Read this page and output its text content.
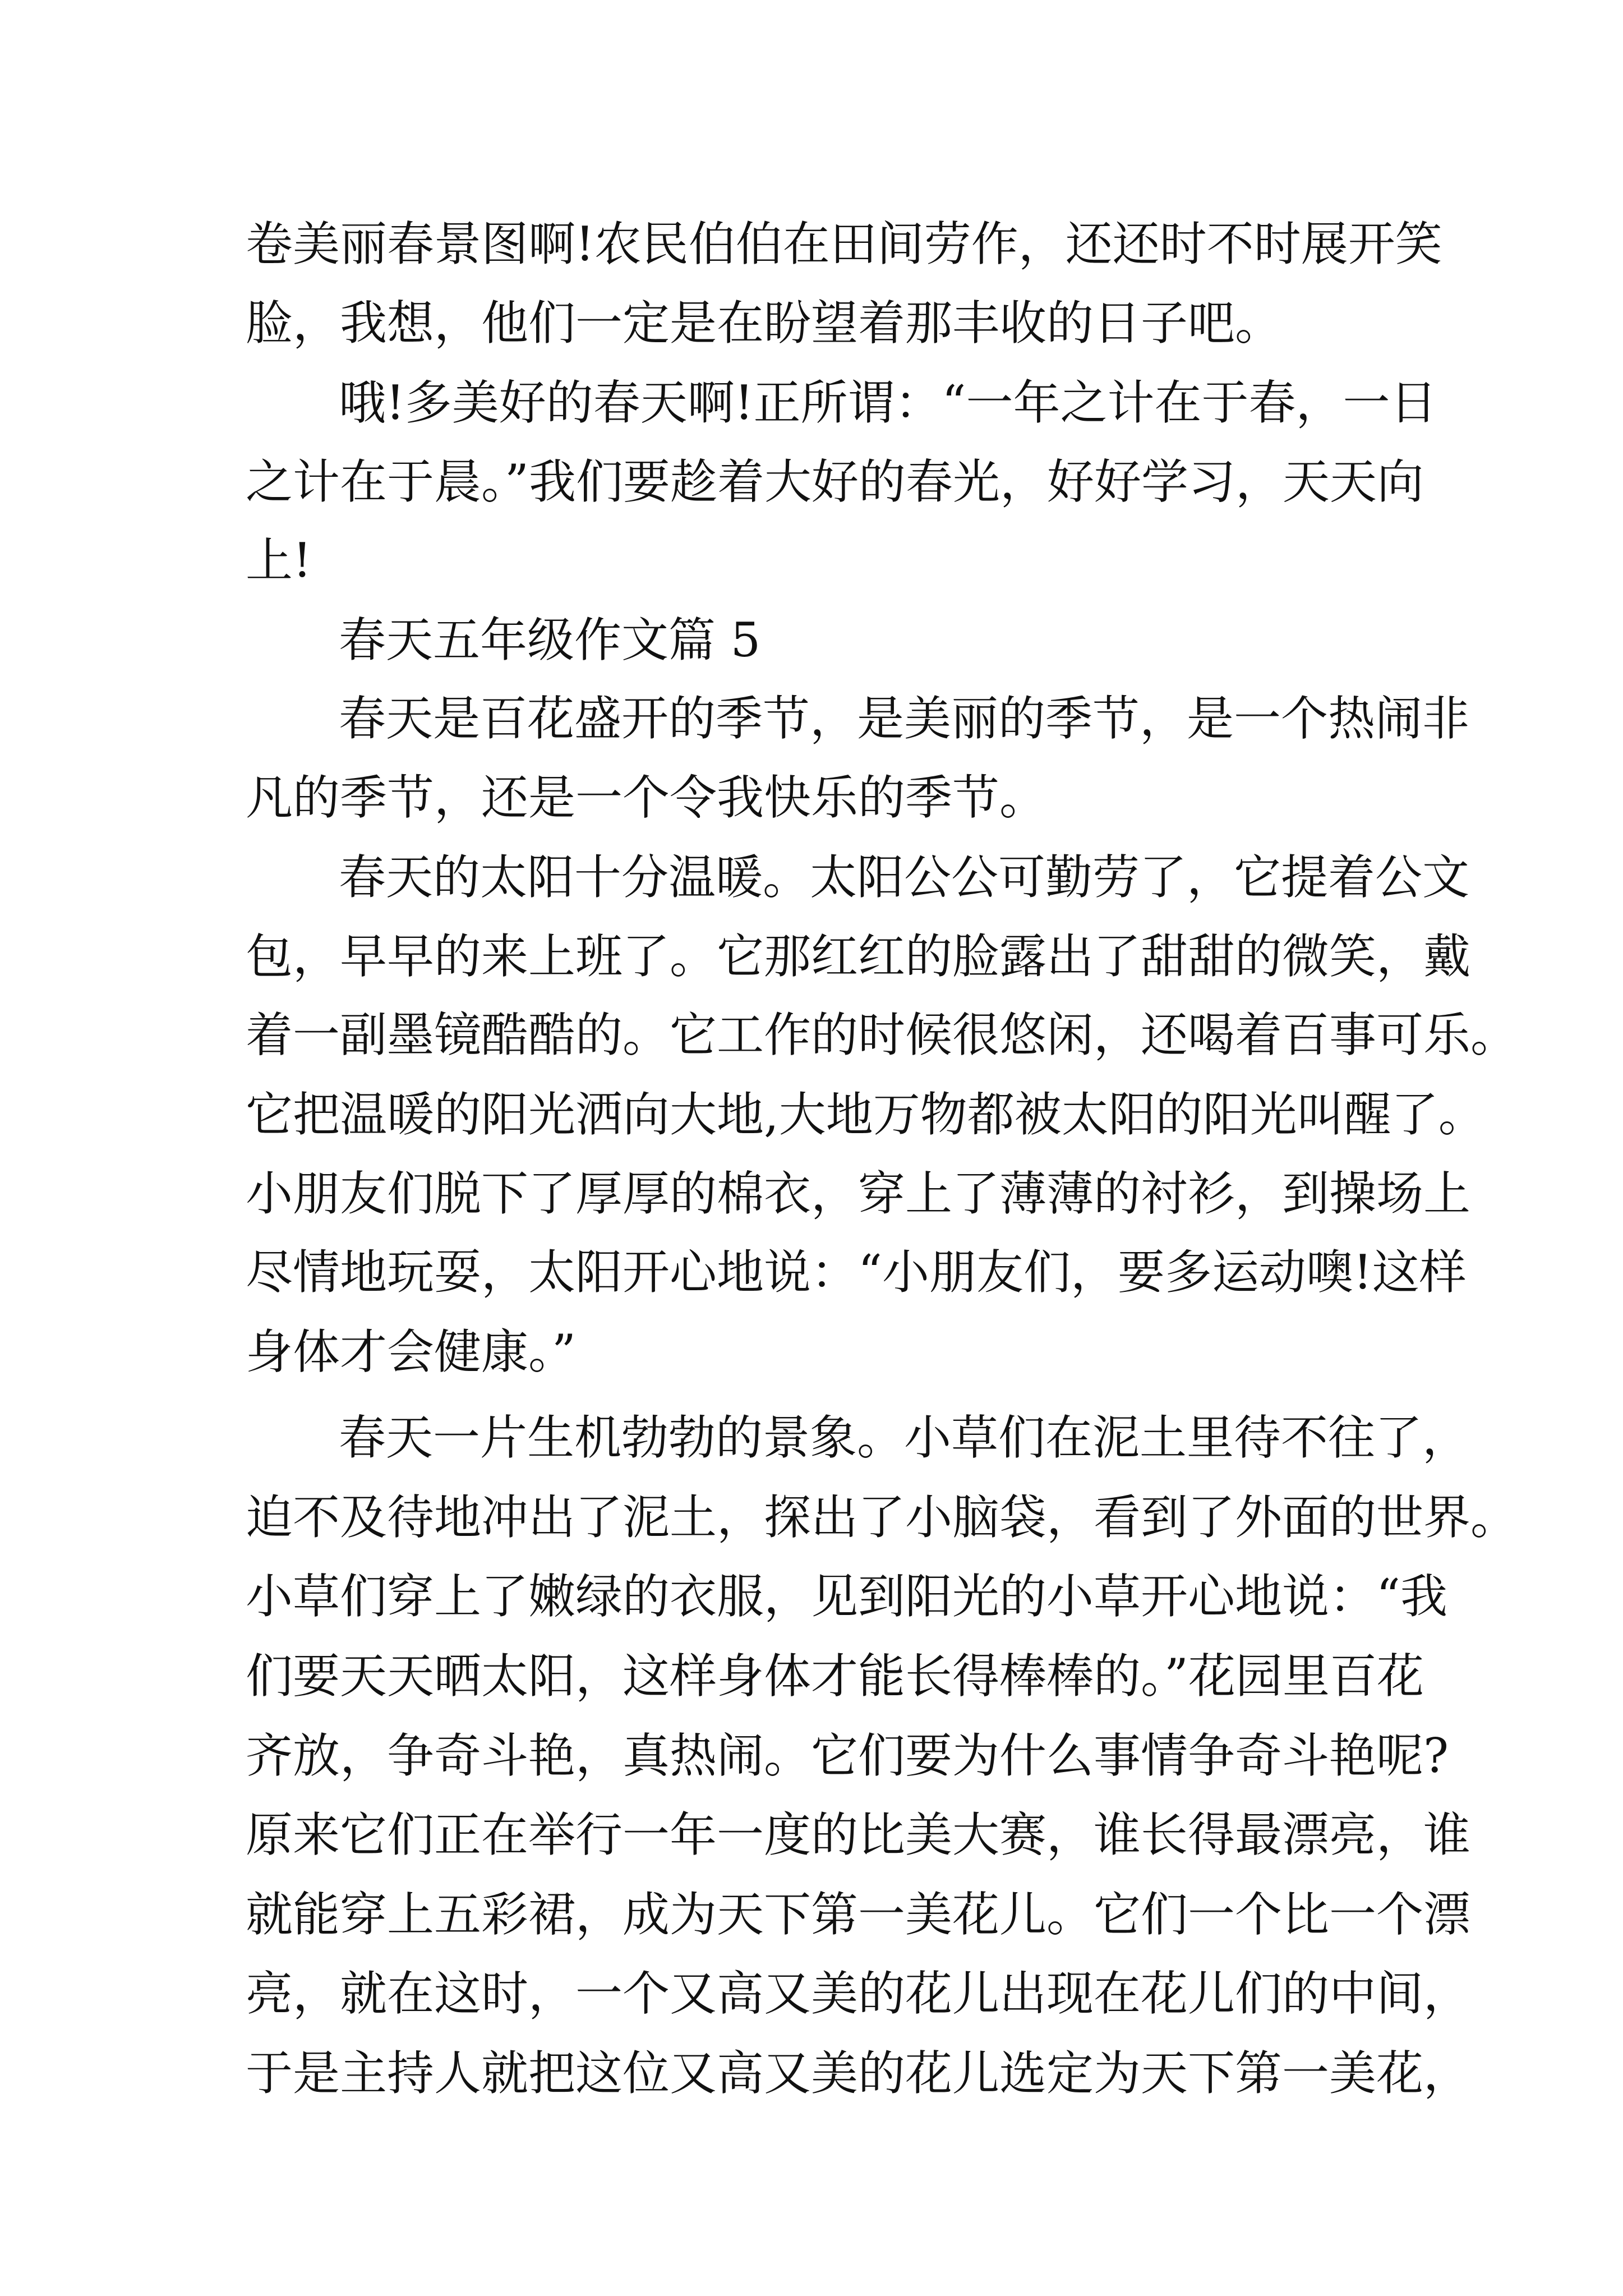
卷美丽春景图啊!农民伯伯在田间劳作，还还时不时展开笑
脸，我想，他们一定是在盼望着那丰收的日子吧。
哦!多美好的春天啊!正所谓：“一年之计在于春，一日
之计在于晨。”我们要趁着大好的春光，好好学习，天天向
上!
春天五年级作文篇 5
春天是百花盛开的季节，是美丽的季节，是一个热闹非
凡的季节，还是一个令我快乐的季节。
春天的太阳十分温暖。太阳公公可勤劳了，它提着公文
包，早早的来上班了。它那红红的脸露出了甜甜的微笑，戴
着一副墨镜酷酷的。它工作的时候很悠闲，还喝着百事可乐。
它把温暖的阳光洒向大地,大地万物都被太阳的阳光叫醒了。
小朋友们脱下了厚厚的棉衣，穿上了薄薄的衬衫，到操场上
尽情地玩耍，太阳开心地说：“小朋友们，要多运动噢!这样
身体才会健康。”
春天一片生机勃勃的景象。小草们在泥土里待不往了，
迫不及待地冲出了泥土，探出了小脑袋，看到了外面的世界。
小草们穿上了嫩绿的衣服，见到阳光的小草开心地说：“我
们要天天晒太阳，这样身体才能长得棒棒的。”花园里百花
齐放，争奇斗艳，真热闹。它们要为什么事情争奇斗艳呢?
原来它们正在举行一年一度的比美大赛，谁长得最漂亮，谁
就能穿上五彩裙，成为天下第一美花儿。它们一个比一个漂
亮，就在这时，一个又高又美的花儿出现在花儿们的中间，
于是主持人就把这位又高又美的花儿选定为天下第一美花，
